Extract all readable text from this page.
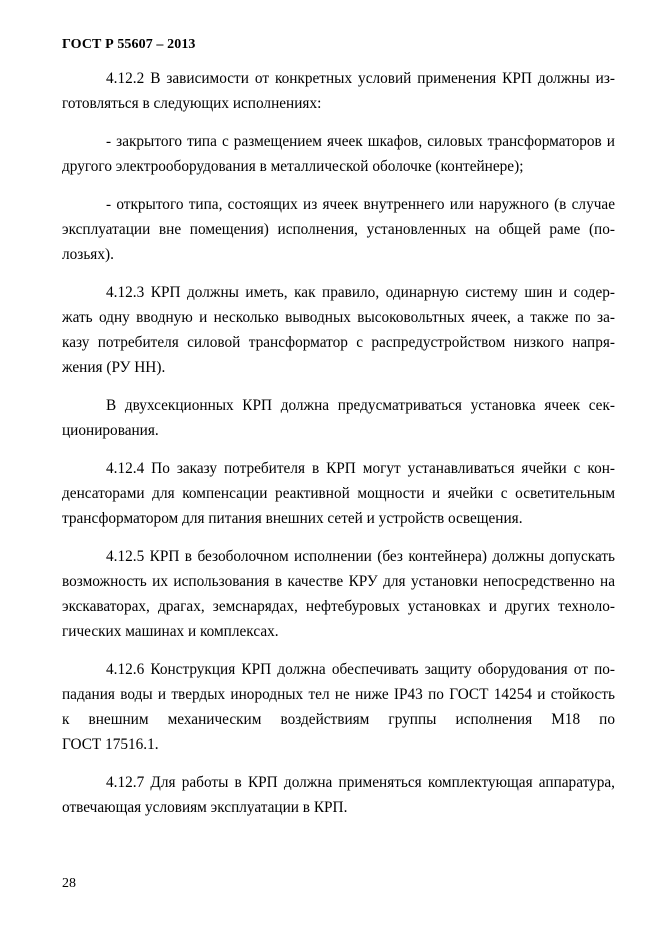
ГОСТ Р 55607 – 2013
4.12.2 В зависимости от конкретных условий применения КРП должны из-
готовляться в следующих исполнениях:
- закрытого типа с размещением ячеек шкафов, силовых трансформаторов и
другого электрооборудования в металлической оболочке (контейнере);
- открытого типа, состоящих из ячеек внутреннего или наружного (в случае
эксплуатации вне помещения) исполнения, установленных на общей раме (по-
лозьях).
4.12.3 КРП должны иметь, как правило, одинарную систему шин и содер-
жать одну вводную и несколько выводных высоковольтных ячеек, а также по за-
казу потребителя силовой трансформатор с распредустройством низкого напря-
жения (РУ НН).
В двухсекционных КРП должна предусматриваться установка ячеек сек-
ционирования.
4.12.4 По заказу потребителя в КРП могут устанавливаться ячейки с кон-
денсаторами для компенсации реактивной мощности и ячейки с осветительным
трансформатором для питания внешних сетей и устройств освещения.
4.12.5 КРП в безоболочном исполнении (без контейнера) должны допускать
возможность их использования в качестве КРУ для установки непосредственно на
экскаваторах, драгах, земснарядах, нефтебуровых установках и других техноло-
гических машинах и комплексах.
4.12.6 Конструкция КРП должна обеспечивать защиту оборудования от по-
падания воды и твердых инородных тел не ниже IP43 по ГОСТ 14254 и стойкость
к внешним механическим воздействиям группы исполнения М18 по
ГОСТ 17516.1.
4.12.7 Для работы в КРП должна применяться комплектующая аппаратура,
отвечающая условиям эксплуатации в КРП.
28
